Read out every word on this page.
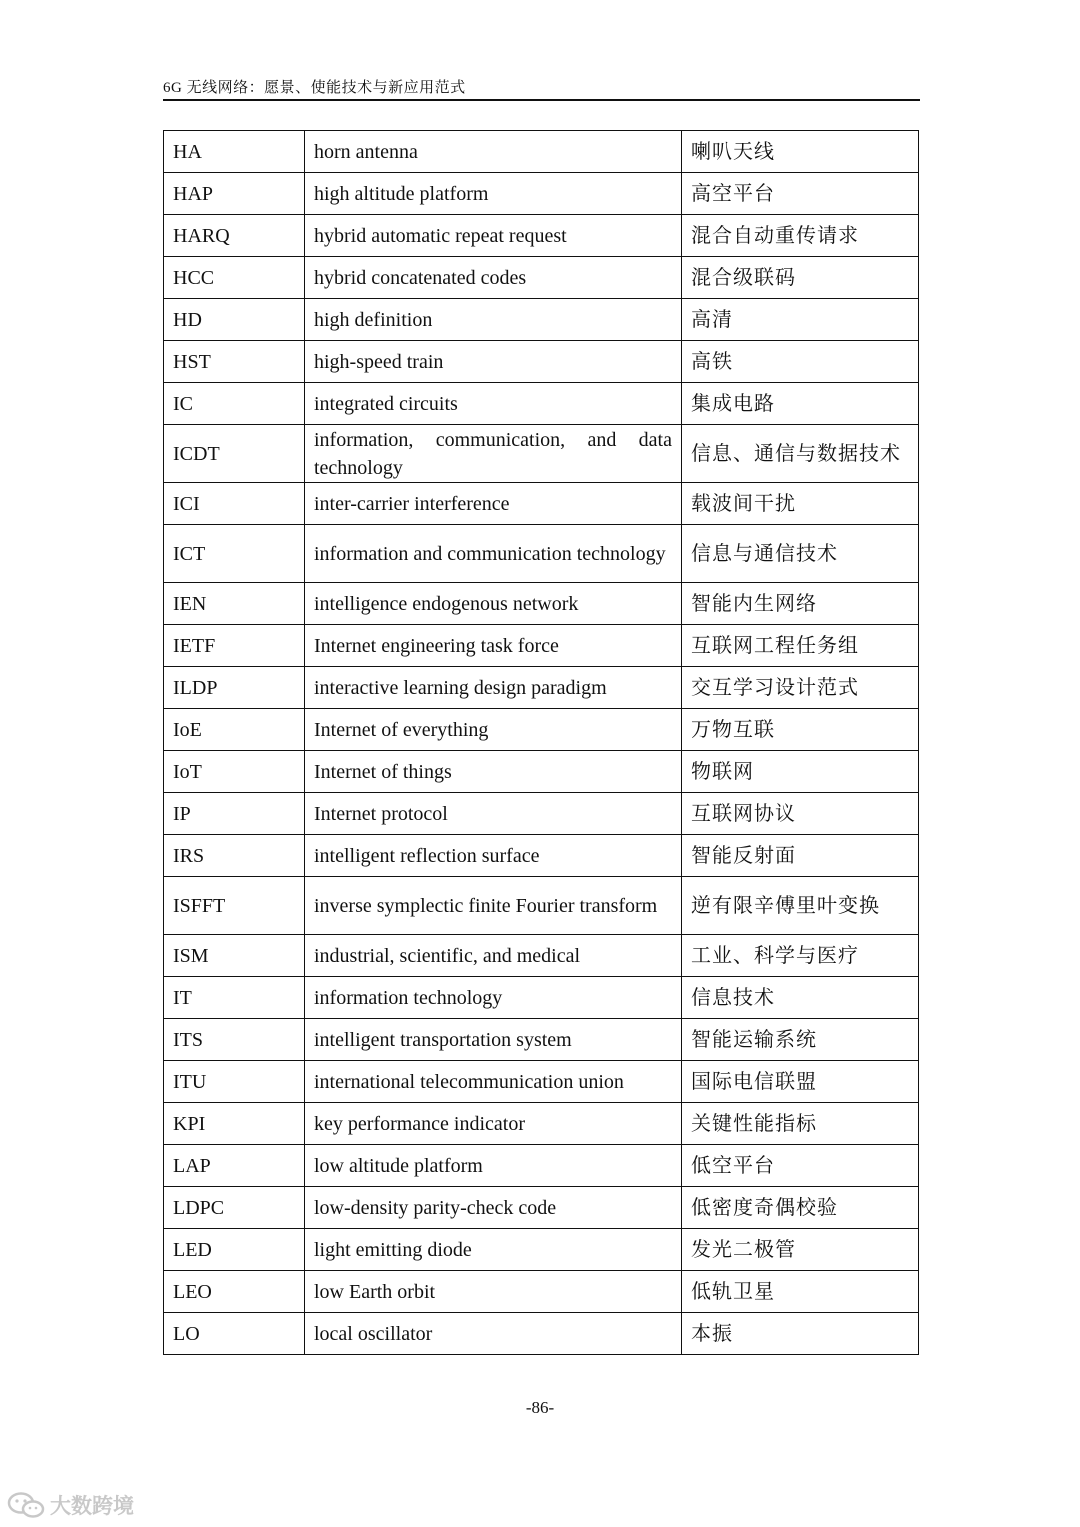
6G 无线网络：愿景、使能技术与新应用范式
HA	horn antenna	喇叭天线
HAP	high altitude platform	高空平台
HARQ	hybrid automatic repeat request	混合自动重传请求
HCC	hybrid concatenated codes	混合级联码
HD	high definition	高清
HST	high-speed train	高铁
IC	integrated circuits	集成电路
ICDT	information, communication, and data technology	信息、通信与数据技术
ICI	inter-carrier interference	载波间干扰
ICT	information and communication technology	信息与通信技术
IEN	intelligence endogenous network	智能内生网络
IETF	Internet engineering task force	互联网工程任务组
ILDP	interactive learning design paradigm	交互学习设计范式
IoE	Internet of everything	万物互联
IoT	Internet of things	物联网
IP	Internet protocol	互联网协议
IRS	intelligent reflection surface	智能反射面
ISFFT	inverse symplectic finite Fourier transform	逆有限辛傅里叶变换
ISM	industrial, scientific, and medical	工业、科学与医疗
IT	information technology	信息技术
ITS	intelligent transportation system	智能运输系统
ITU	international telecommunication union	国际电信联盟
KPI	key performance indicator	关键性能指标
LAP	low altitude platform	低空平台
LDPC	low-density parity-check code	低密度奇偶校验
LED	light emitting diode	发光二极管
LEO	low Earth orbit	低轨卫星
LO	local oscillator	本振
-86-
大数跨境
